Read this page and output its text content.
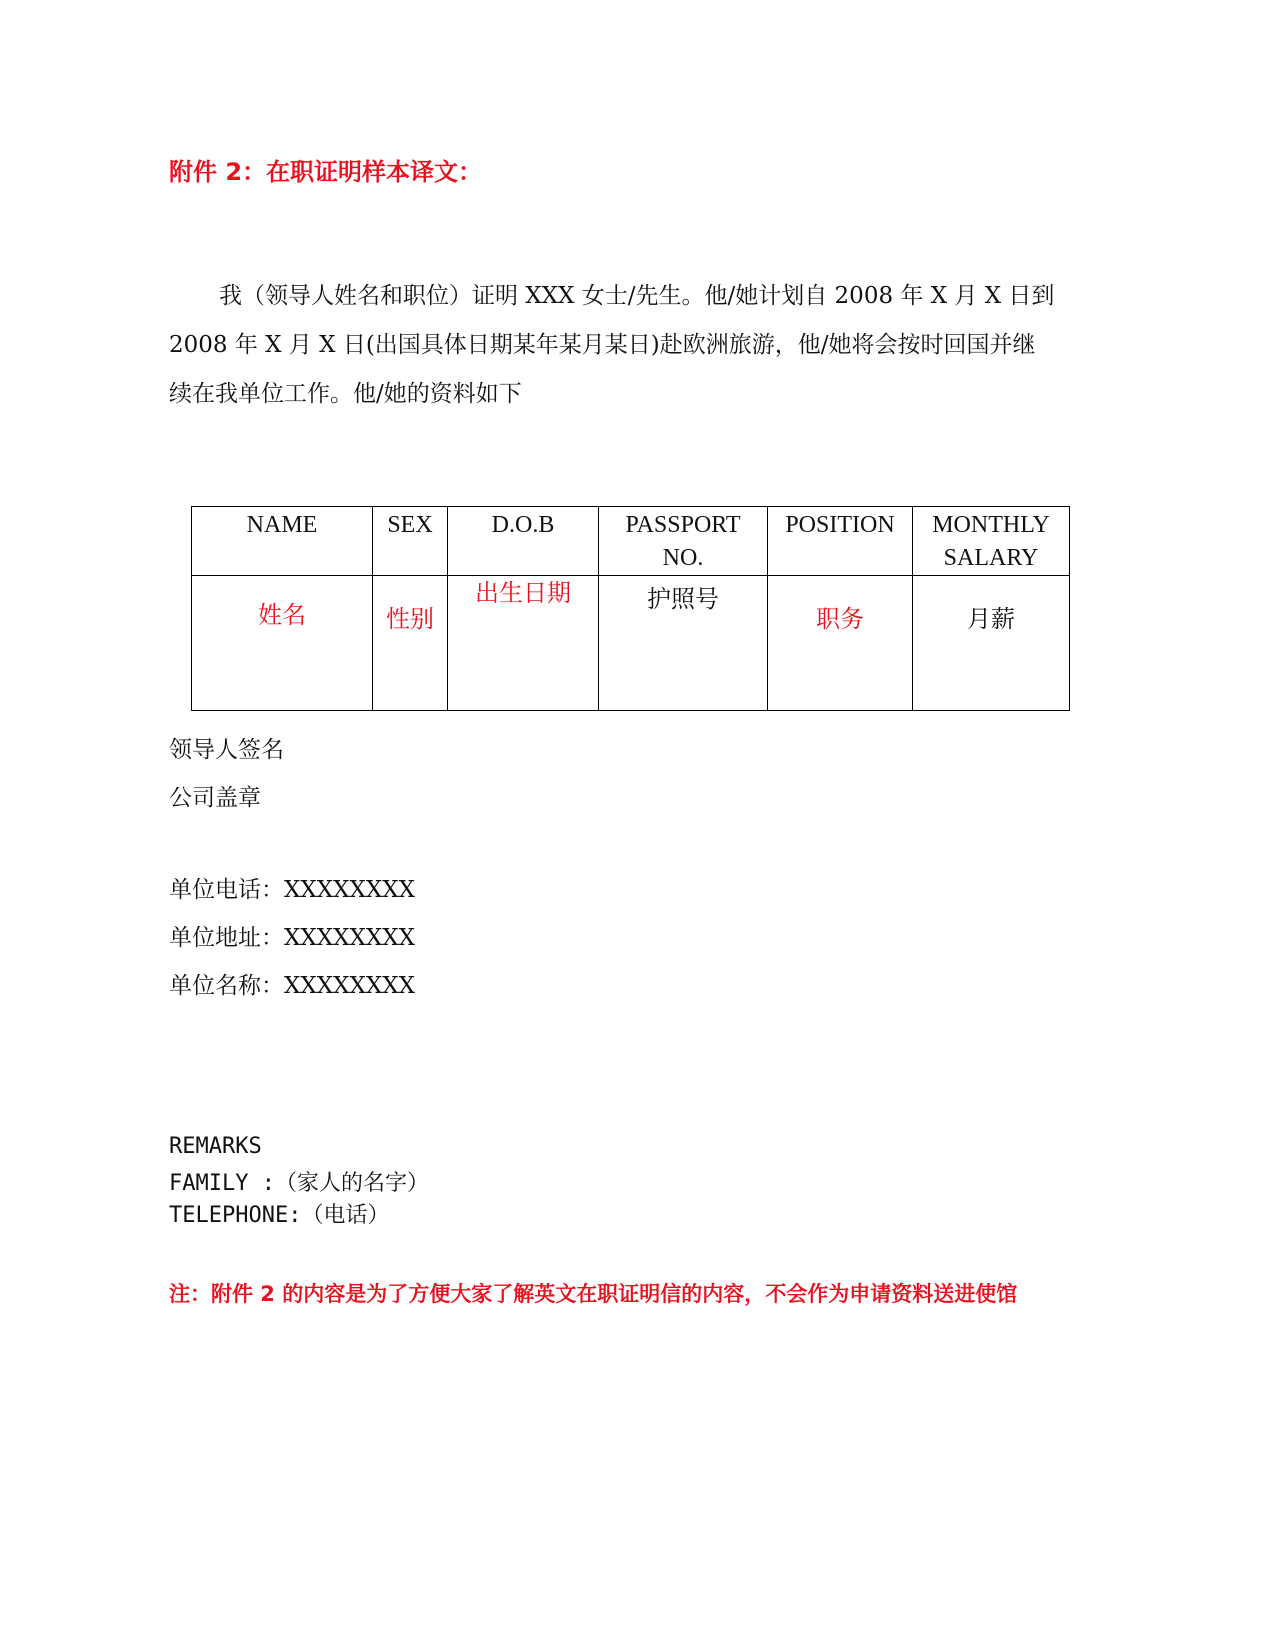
附件 2：在职证明样本译文：
我（领导人姓名和职位）证明 XXX 女士/先生。他/她计划自 2008 年 X 月 X 日到
2008 年 X 月 X 日(出国具体日期某年某月某日)赴欧洲旅游，他/她将会按时回国并继
续在我单位工作。他/她的资料如下
NAME	SEX	D.O.B	PASSPORT NO.	POSITION	MONTHLY SALARY
姓名	性别	出生日期	护照号	职务	月薪
领导人签名
公司盖章
单位电话：XXXXXXXX
单位地址：XXXXXXXX
单位名称：XXXXXXXX
REMARKS
FAMILY :（家人的名字）
TELEPHONE:（电话）
注：附件 2 的内容是为了方便大家了解英文在职证明信的内容，不会作为申请资料送进使馆
